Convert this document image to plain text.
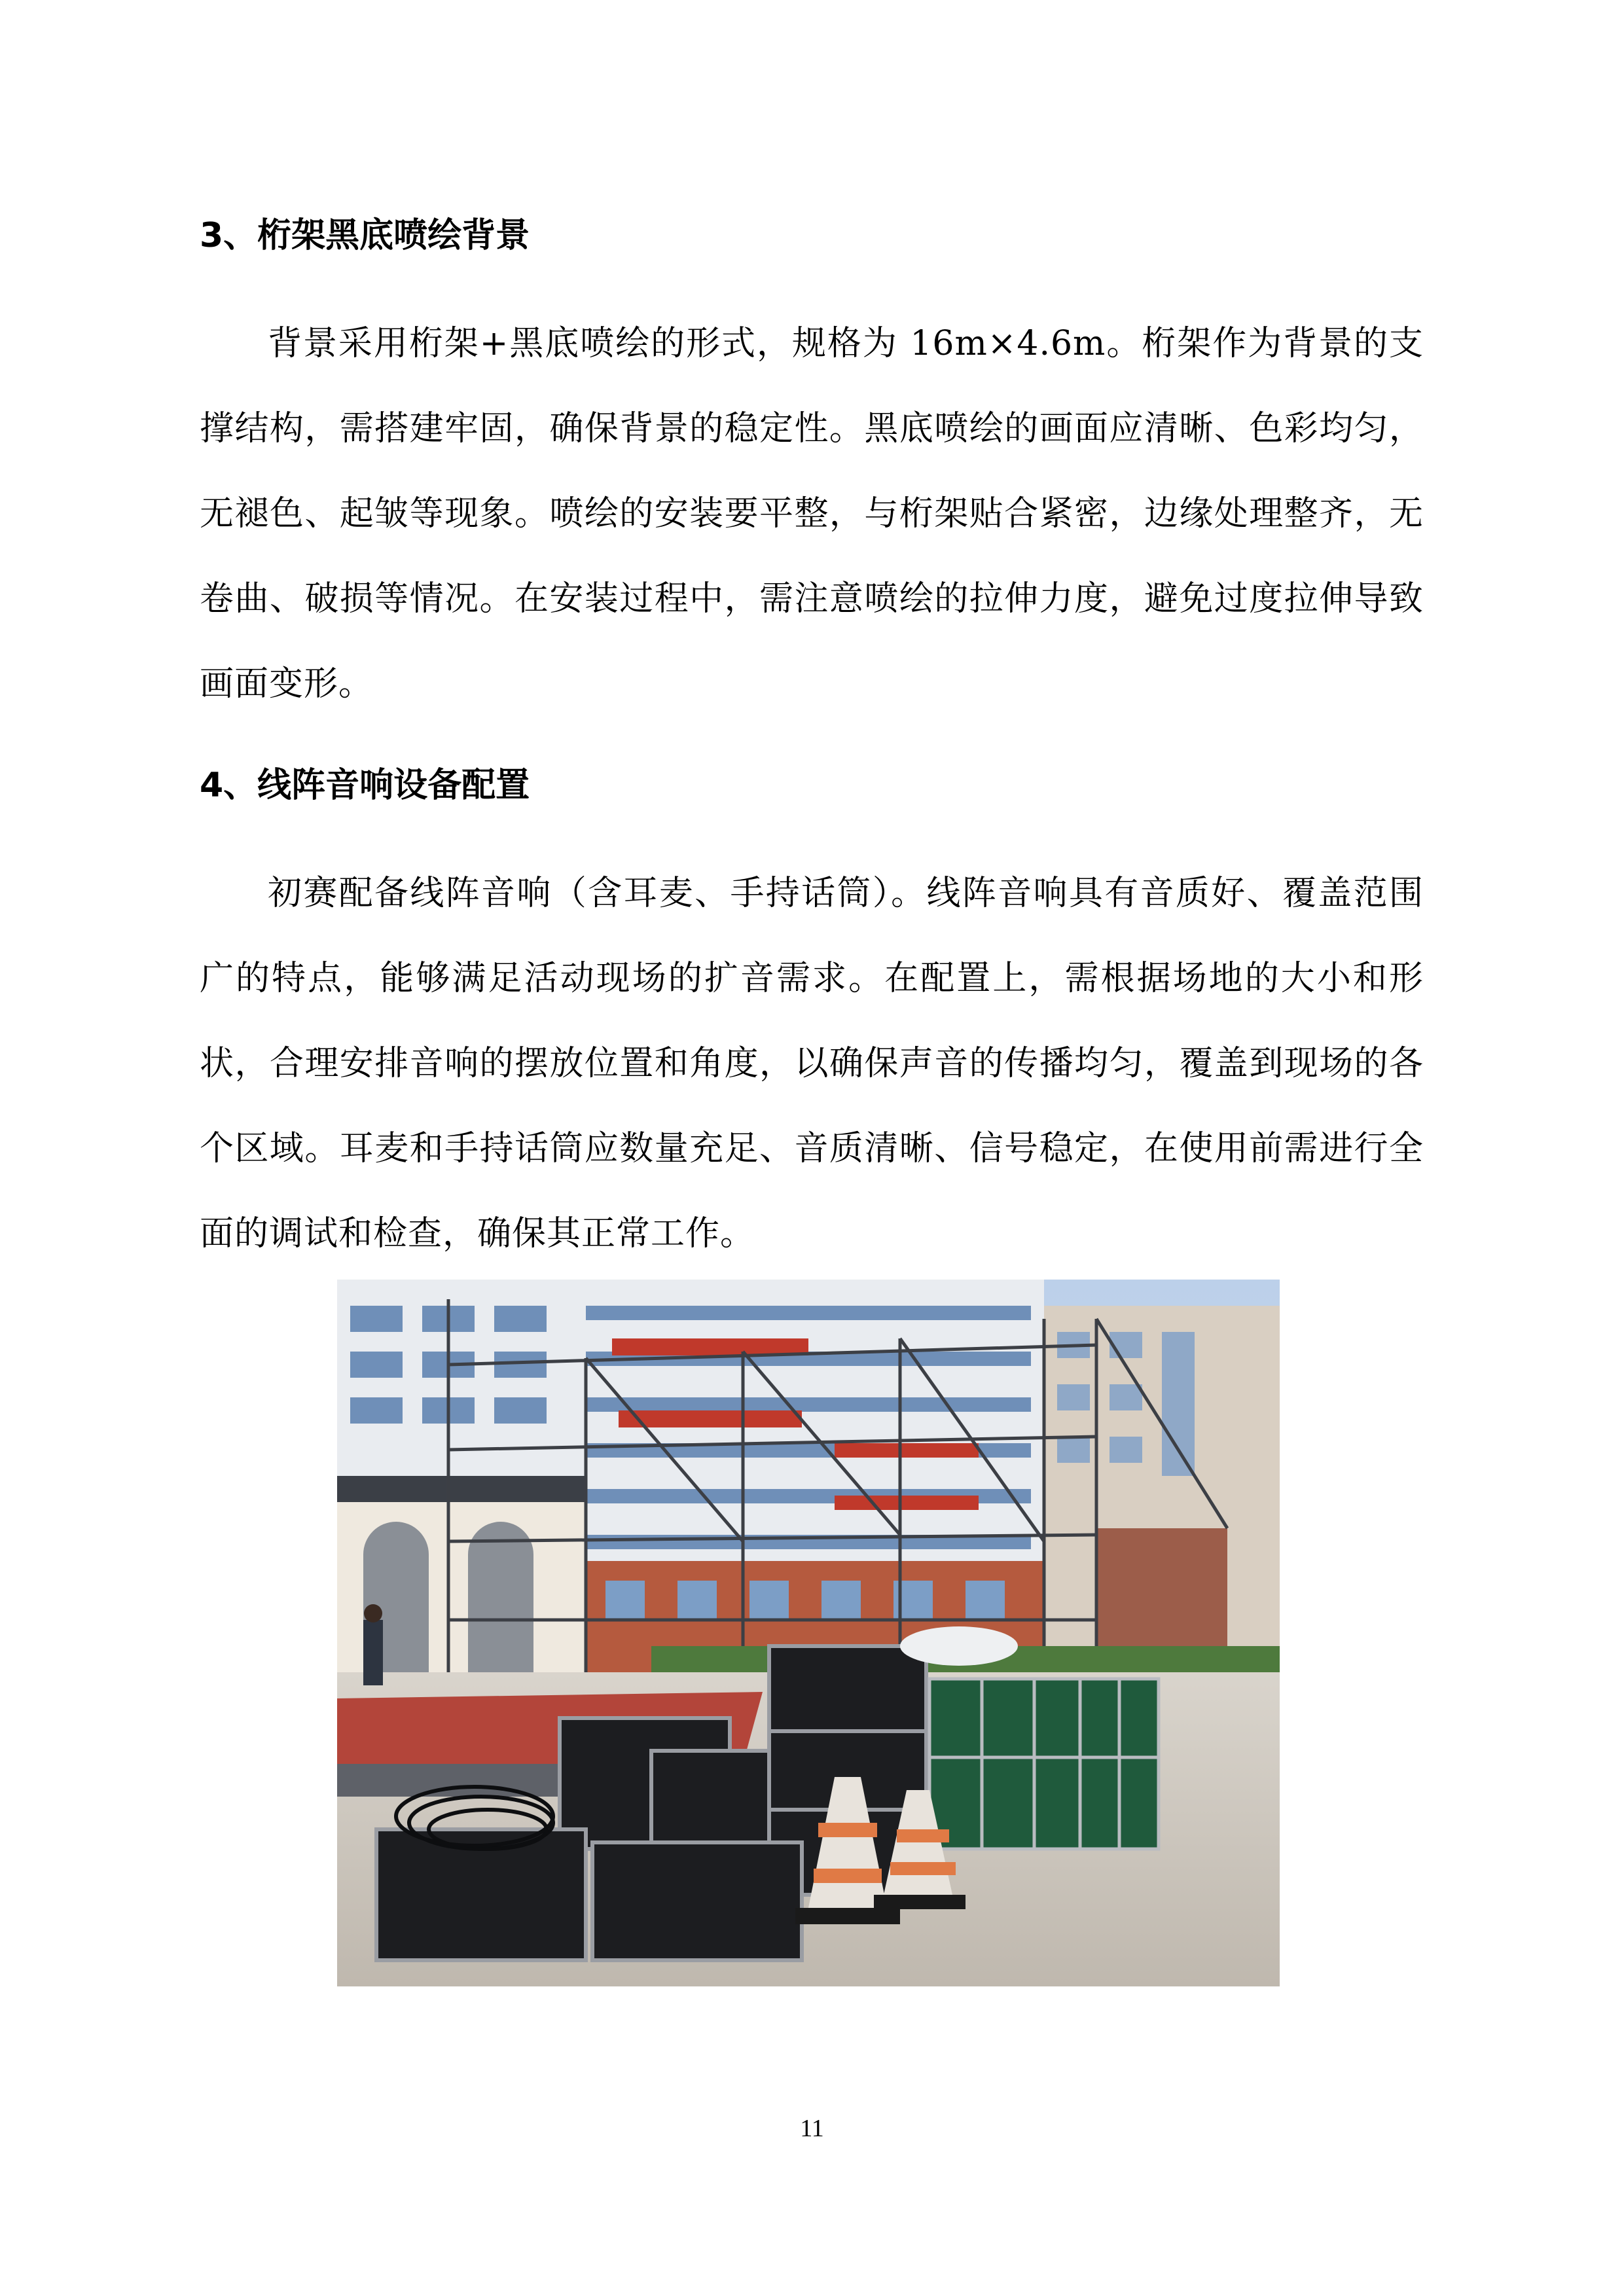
3、桁架黑底喷绘背景
背景采用桁架+黑底喷绘的形式，规格为 16m×4.6m。桁架作为背景的支撑结构，需搭建牢固，确保背景的稳定性。黑底喷绘的画面应清晰、色彩均匀，无褪色、起皱等现象。喷绘的安装要平整，与桁架贴合紧密，边缘处理整齐，无卷曲、破损等情况。在安装过程中，需注意喷绘的拉伸力度，避免过度拉伸导致画面变形。
4、线阵音响设备配置
初赛配备线阵音响（含耳麦、手持话筒）。线阵音响具有音质好、覆盖范围广的特点，能够满足活动现场的扩音需求。在配置上，需根据场地的大小和形状，合理安排音响的摆放位置和角度，以确保声音的传播均匀，覆盖到现场的各个区域。耳麦和手持话筒应数量充足、音质清晰、信号稳定，在使用前需进行全面的调试和检查，确保其正常工作。
11
